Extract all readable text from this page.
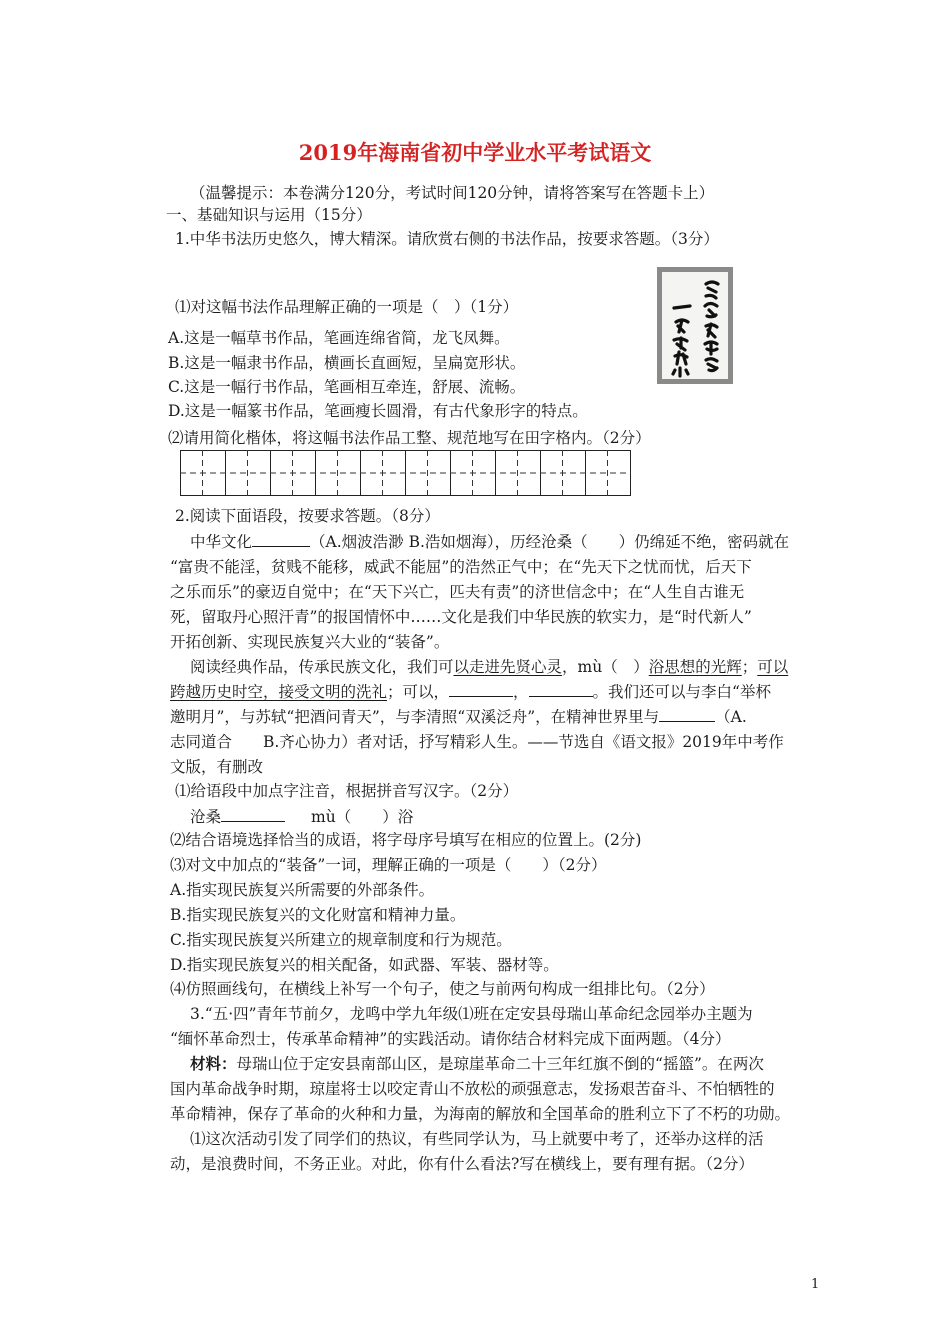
2019年海南省初中学业水平考试语文
（温馨提示：本卷满分120分，考试时间120分钟，请将答案写在答题卡上）
一、基础知识与运用（15分）
1.中华书法历史悠久，博大精深。请欣赏右侧的书法作品，按要求答题。（3分）
⑴对这幅书法作品理解正确的一项是（　）（1分）
A.这是一幅草书作品，笔画连绵省简，龙飞凤舞。
B.这是一幅隶书作品，横画长直画短，呈扁宽形状。
C.这是一幅行书作品，笔画相互牵连，舒展、流畅。
D.这是一幅篆书作品，笔画瘦长圆滑，有古代象形字的特点。
⑵请用简化楷体，将这幅书法作品工整、规范地写在田字格内。（2分）
2.阅读下面语段，按要求答题。（8分）
中华文化	（A.烟波浩渺 B.浩如烟海），历经沧桑（　　）仍绵延不绝，密码就在
“富贵不能淫，贫贱不能移，威武不能屈”的浩然正气中；在“先天下之忧而忧，后天下
之乐而乐”的豪迈自觉中；在“天下兴亡，匹夫有责”的济世信念中；在“人生自古谁无
死，留取丹心照汗青”的报国情怀中……文化是我们中华民族的软实力，是“时代新人”
开拓创新、实现民族复兴大业的“装备”。
阅读经典作品，传承民族文化，我们可以走进先贤心灵，mù（　）浴思想的光辉；可以
跨越历史时空，接受文明的洗礼；可以，	，	。我们还可以与李白“举杯
邀明月”，与苏轼“把酒问青天”，与李清照“双溪泛舟”，在精神世界里与	（A.
志同道合　　B.齐心协力）者对话，抒写精彩人生。——节选自《语文报》2019年中考作
文版，有删改
⑴给语段中加点字注音，根据拼音写汉字。（2分）
沧桑	mù（　　）浴
⑵结合语境选择恰当的成语，将字母序号填写在相应的位置上。(2分)
⑶对文中加点的“装备”一词，理解正确的一项是（　　）（2分）
A.指实现民族复兴所需要的外部条件。
B.指实现民族复兴的文化财富和精神力量。
C.指实现民族复兴所建立的规章制度和行为规范。
D.指实现民族复兴的相关配备，如武器、军装、器材等。
⑷仿照画线句，在横线上补写一个句子，使之与前两句构成一组排比句。（2分）
3.“五·四”青年节前夕，龙鸣中学九年级⑴班在定安县母瑞山革命纪念园举办主题为
“缅怀革命烈士，传承革命精神”的实践活动。请你结合材料完成下面两题。（4分）
材料：母瑞山位于定安县南部山区，是琼崖革命二十三年红旗不倒的“摇篮”。在两次
国内革命战争时期，琼崖将士以咬定青山不放松的顽强意志，发扬艰苦奋斗、不怕牺牲的
革命精神，保存了革命的火种和力量，为海南的解放和全国革命的胜利立下了不朽的功勋。
⑴这次活动引发了同学们的热议，有些同学认为，马上就要中考了，还举办这样的活
动，是浪费时间，不务正业。对此，你有什么看法?写在横线上，要有理有据。（2分）
1
